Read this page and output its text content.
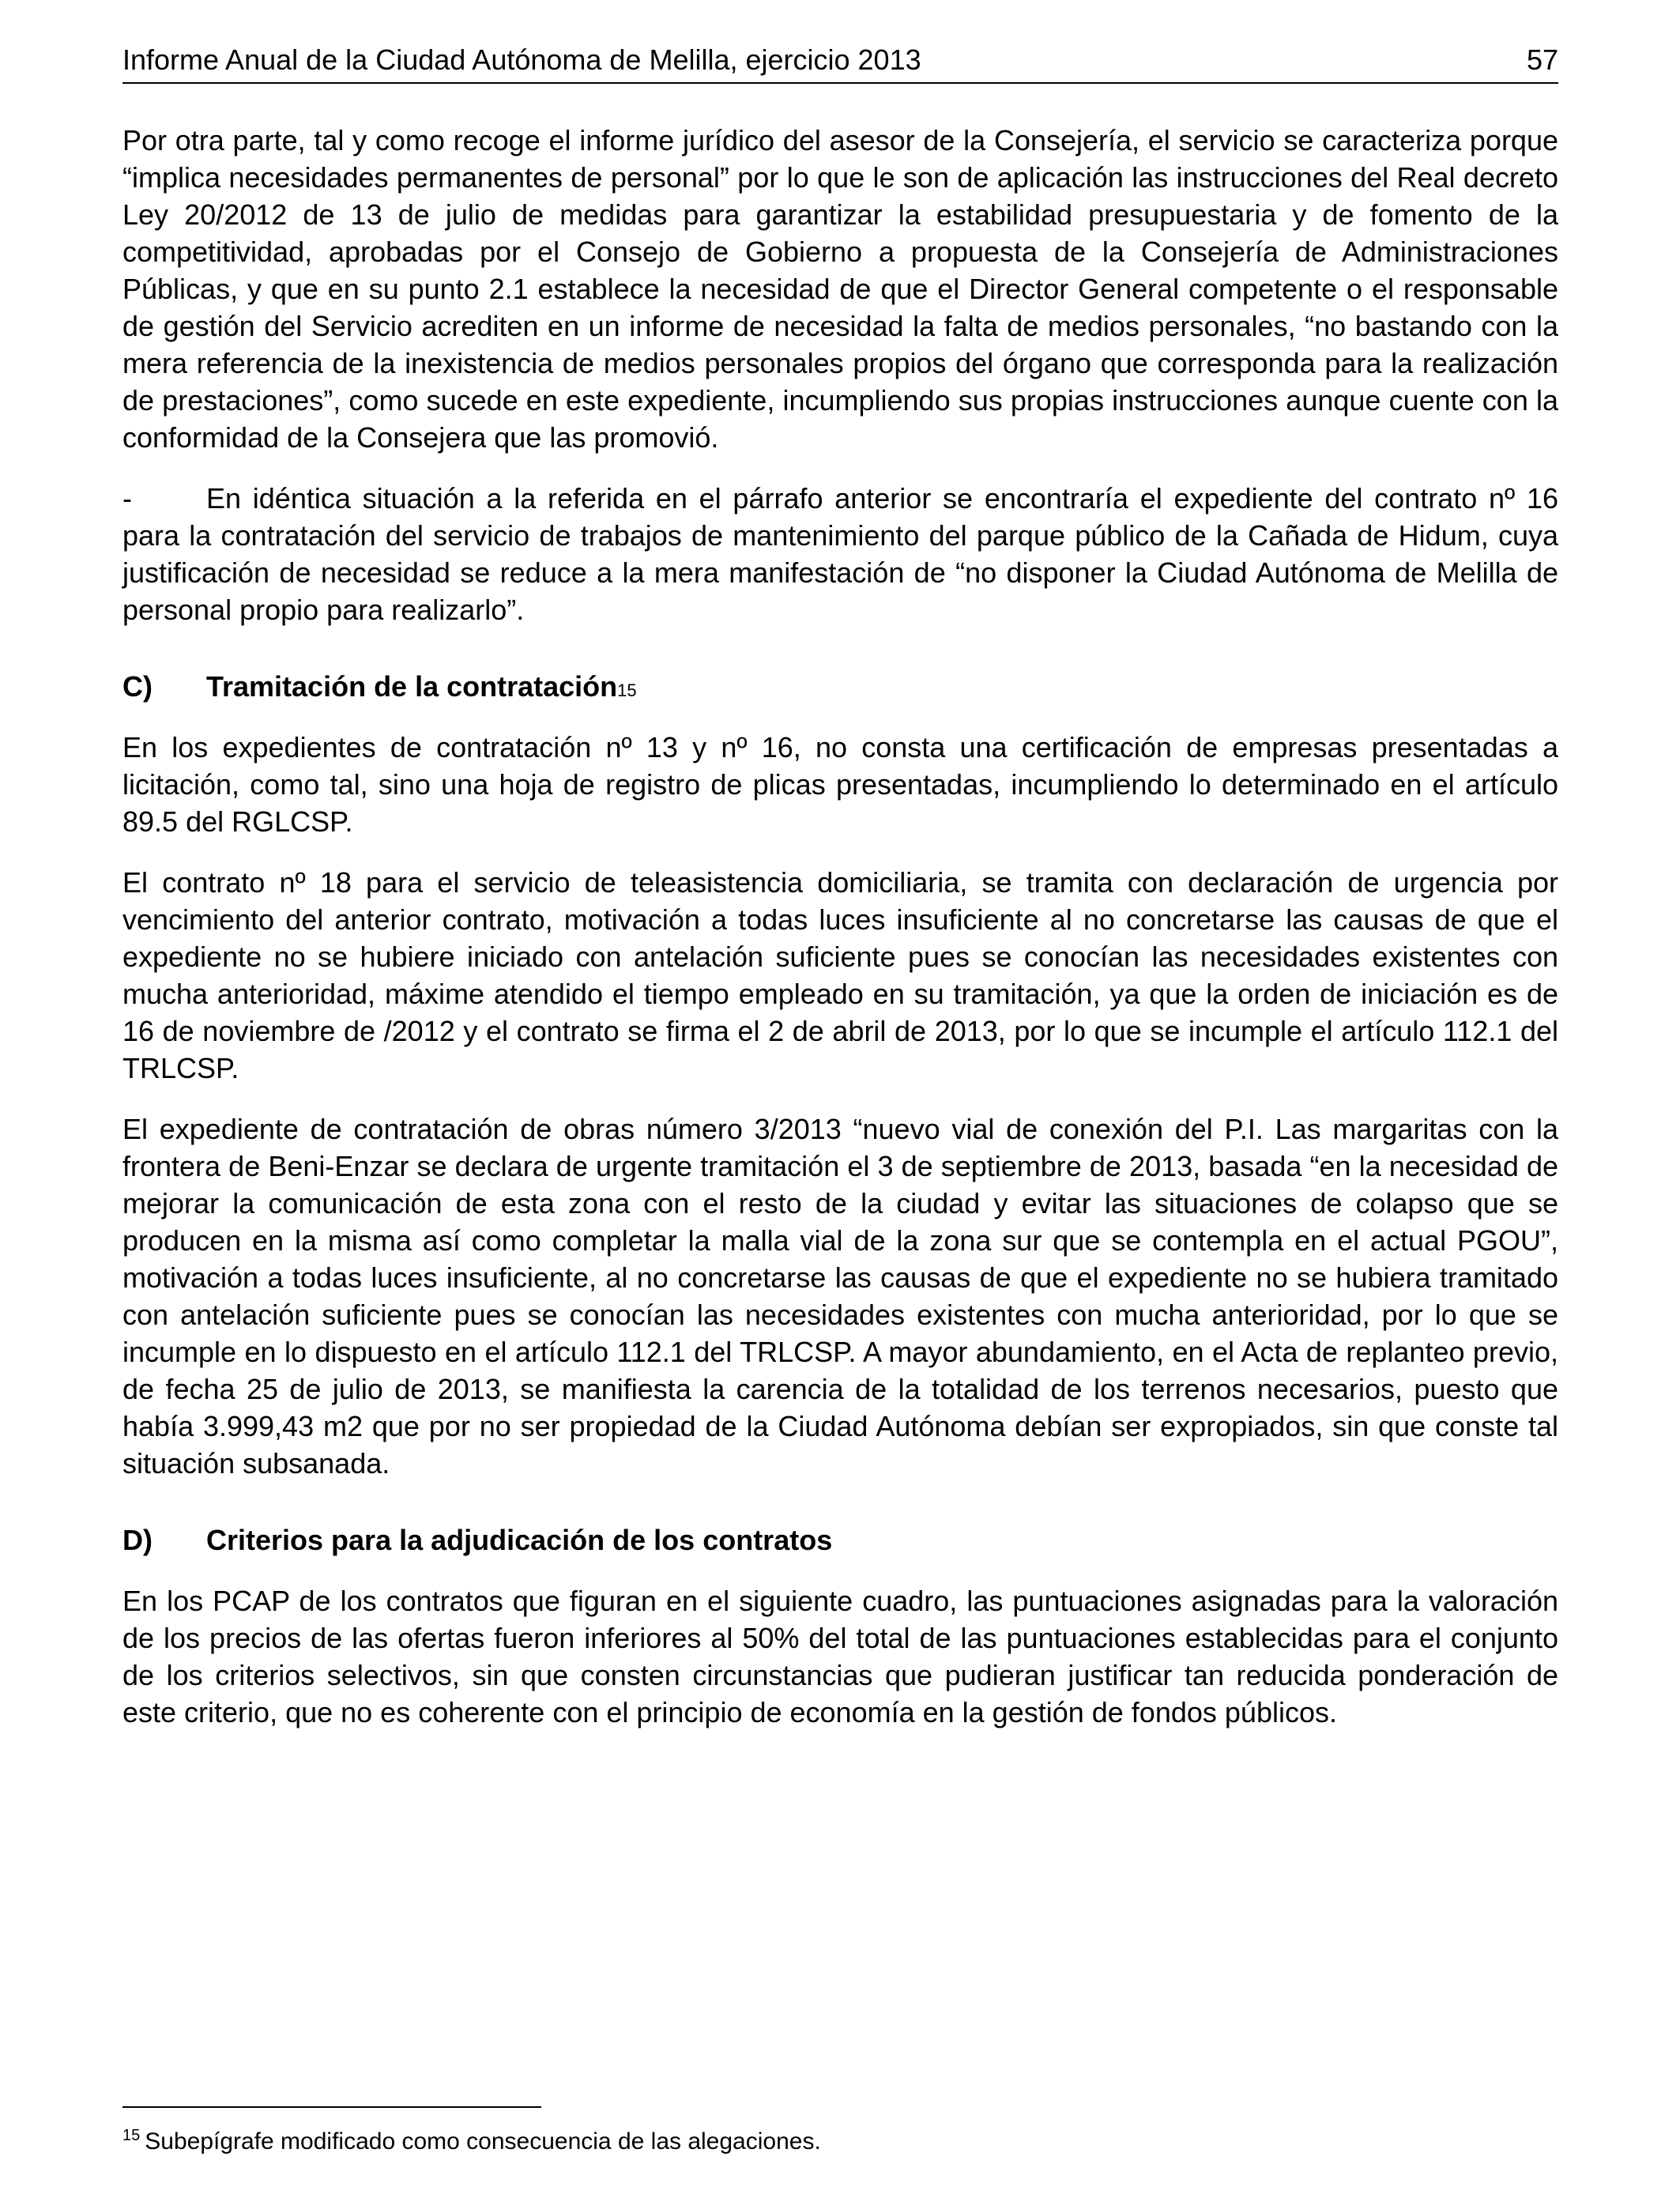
Informe Anual de la Ciudad Autónoma de Melilla, ejercicio 2013	57

Por otra parte, tal y como recoge el informe jurídico del asesor de la Consejería, el servicio se caracteriza porque “implica necesidades permanentes de personal” por lo que le son de aplicación las instrucciones del Real decreto Ley 20/2012 de 13 de julio de medidas para garantizar la estabilidad presupuestaria y de fomento de la competitividad, aprobadas por el Consejo de Gobierno a propuesta de la Consejería de Administraciones Públicas, y que en su punto 2.1 establece la necesidad de que el Director General competente o el responsable de gestión del Servicio acrediten en un informe de necesidad la falta de medios personales, “no bastando con la mera referencia de la inexistencia de medios personales propios del órgano que corresponda para la realización de prestaciones”, como sucede en este expediente, incumpliendo sus propias instrucciones aunque cuente con la conformidad de la Consejera que las promovió.

-	En idéntica situación a la referida en el párrafo anterior se encontraría el expediente del contrato nº 16 para la contratación del servicio de trabajos de mantenimiento del parque público de la Cañada de Hidum, cuya justificación de necesidad se reduce a la mera manifestación de “no disponer la Ciudad Autónoma de Melilla de personal propio para realizarlo”.

C)	Tramitación de la contratación 15

En los expedientes de contratación nº 13 y nº 16, no consta una certificación de empresas presentadas a licitación, como tal, sino una hoja de registro de plicas presentadas, incumpliendo lo determinado en el artículo 89.5 del RGLCSP.

El contrato nº 18 para el servicio de teleasistencia domiciliaria, se tramita con declaración de urgencia por vencimiento del anterior contrato, motivación a todas luces insuficiente al no concretarse las causas de que el expediente no se hubiere iniciado con antelación suficiente pues se conocían las necesidades existentes con mucha anterioridad, máxime atendido el tiempo empleado en su tramitación, ya que la orden de iniciación es de 16 de noviembre de /2012 y el contrato se firma el 2 de abril de 2013, por lo que se incumple el artículo 112.1 del TRLCSP.

El expediente de contratación de obras número 3/2013 “nuevo vial de conexión del P.I. Las margaritas con la frontera de Beni-Enzar se declara de urgente tramitación el 3 de septiembre de 2013, basada “en la necesidad de mejorar la comunicación de esta zona con el resto de la ciudad y evitar las situaciones de colapso que se producen en la misma así como completar la malla vial de la zona sur que se contempla en el actual PGOU”, motivación a todas luces insuficiente, al no concretarse las causas de que el expediente no se hubiera tramitado con antelación suficiente pues se conocían las necesidades existentes con mucha anterioridad, por lo que se incumple en lo dispuesto en el artículo 112.1 del TRLCSP. A mayor abundamiento, en el Acta de replanteo previo, de fecha 25 de julio de 2013, se manifiesta la carencia de la totalidad de los terrenos necesarios, puesto que había 3.999,43 m2 que por no ser propiedad de la Ciudad Autónoma debían ser expropiados, sin que conste tal situación subsanada.

D)	Criterios para la adjudicación de los contratos

En los PCAP de los contratos que figuran en el siguiente cuadro, las puntuaciones asignadas para la valoración de los precios de las ofertas fueron inferiores al 50% del total de las puntuaciones establecidas para el conjunto de los criterios selectivos, sin que consten circunstancias que pudieran justificar tan reducida ponderación de este criterio, que no es coherente con el principio de economía en la gestión de fondos públicos.

$^{15}$ Subepígrafe modificado como consecuencia de las alegaciones.
